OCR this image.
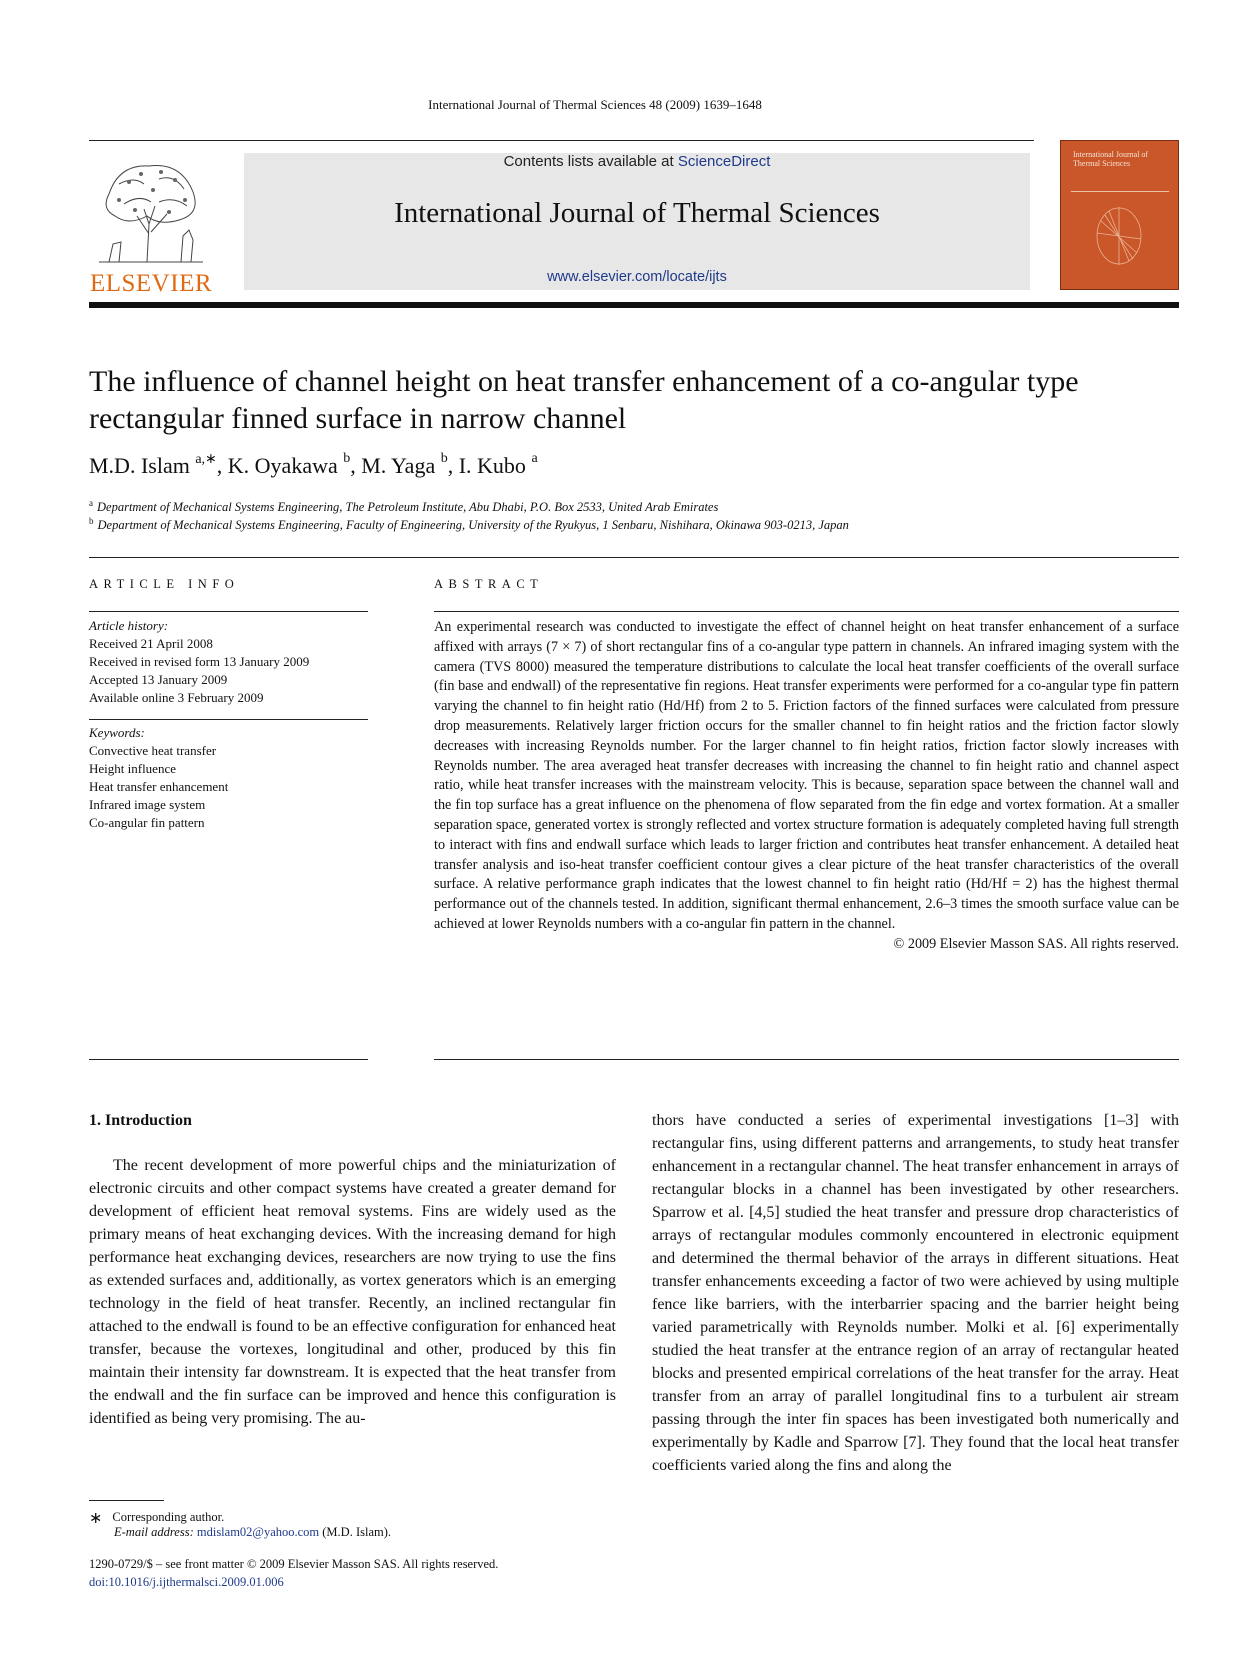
International Journal of Thermal Sciences 48 (2009) 1639–1648
ELSEVIER
Contents lists available at ScienceDirect
International Journal of Thermal Sciences
www.elsevier.com/locate/ijts
International Journal of Thermal Sciences
The influence of channel height on heat transfer enhancement of a co-angular type rectangular finned surface in narrow channel
M.D. Islam $^{a,∗}$, K. Oyakawa $^b$, M. Yaga $^b$, I. Kubo $^a$
$^a$ Department of Mechanical Systems Engineering, The Petroleum Institute, Abu Dhabi, P.O. Box 2533, United Arab Emirates
$^b$ Department of Mechanical Systems Engineering, Faculty of Engineering, University of the Ryukyus, 1 Senbaru, Nishihara, Okinawa 903-0213, Japan
ARTICLE INFO	ABSTRACT
Article history:
Received 21 April 2008
Received in revised form 13 January 2009
Accepted 13 January 2009
Available online 3 February 2009
Keywords:
Convective heat transfer
Height influence
Heat transfer enhancement
Infrared image system
Co-angular fin pattern
An experimental research was conducted to investigate the effect of channel height on heat transfer enhancement of a surface affixed with arrays (7 × 7) of short rectangular fins of a co-angular type pattern in channels. An infrared imaging system with the camera (TVS 8000) measured the temperature distributions to calculate the local heat transfer coefficients of the overall surface (fin base and endwall) of the representative fin regions. Heat transfer experiments were performed for a co-angular type fin pattern varying the channel to fin height ratio (Hd/Hf) from 2 to 5. Friction factors of the finned surfaces were calculated from pressure drop measurements. Relatively larger friction occurs for the smaller channel to fin height ratios and the friction factor slowly decreases with increasing Reynolds number. For the larger channel to fin height ratios, friction factor slowly increases with Reynolds number. The area averaged heat transfer decreases with increasing the channel to fin height ratio and channel aspect ratio, while heat transfer increases with the mainstream velocity. This is because, separation space between the channel wall and the fin top surface has a great influence on the phenomena of flow separated from the fin edge and vortex formation. At a smaller separation space, generated vortex is strongly reflected and vortex structure formation is adequately completed having full strength to interact with fins and endwall surface which leads to larger friction and contributes heat transfer enhancement. A detailed heat transfer analysis and iso-heat transfer coefficient contour gives a clear picture of the heat transfer characteristics of the overall surface. A relative performance graph indicates that the lowest channel to fin height ratio (Hd/Hf = 2) has the highest thermal performance out of the channels tested. In addition, significant thermal enhancement, 2.6–3 times the smooth surface value can be achieved at lower Reynolds numbers with a co-angular fin pattern in the channel.
© 2009 Elsevier Masson SAS. All rights reserved.
1. Introduction
The recent development of more powerful chips and the miniaturization of electronic circuits and other compact systems have created a greater demand for development of efficient heat removal systems. Fins are widely used as the primary means of heat exchanging devices. With the increasing demand for high performance heat exchanging devices, researchers are now trying to use the fins as extended surfaces and, additionally, as vortex generators which is an emerging technology in the field of heat transfer. Recently, an inclined rectangular fin attached to the endwall is found to be an effective configuration for enhanced heat transfer, because the vortexes, longitudinal and other, produced by this fin maintain their intensity far downstream. It is expected that the heat transfer from the endwall and the fin surface can be improved and hence this configuration is identified as being very promising. The au-
thors have conducted a series of experimental investigations [1–3] with rectangular fins, using different patterns and arrangements, to study heat transfer enhancement in a rectangular channel. The heat transfer enhancement in arrays of rectangular blocks in a channel has been investigated by other researchers. Sparrow et al. [4,5] studied the heat transfer and pressure drop characteristics of arrays of rectangular modules commonly encountered in electronic equipment and determined the thermal behavior of the arrays in different situations. Heat transfer enhancements exceeding a factor of two were achieved by using multiple fence like barriers, with the interbarrier spacing and the barrier height being varied parametrically with Reynolds number. Molki et al. [6] experimentally studied the heat transfer at the entrance region of an array of rectangular heated blocks and presented empirical correlations of the heat transfer for the array. Heat transfer from an array of parallel longitudinal fins to a turbulent air stream passing through the inter fin spaces has been investigated both numerically and experimentally by Kadle and Sparrow [7]. They found that the local heat transfer coefficients varied along the fins and along the
∗ Corresponding author.
E-mail address: mdislam02@yahoo.com (M.D. Islam).
1290-0729/$ – see front matter © 2009 Elsevier Masson SAS. All rights reserved.
doi:10.1016/j.ijthermalsci.2009.01.006
